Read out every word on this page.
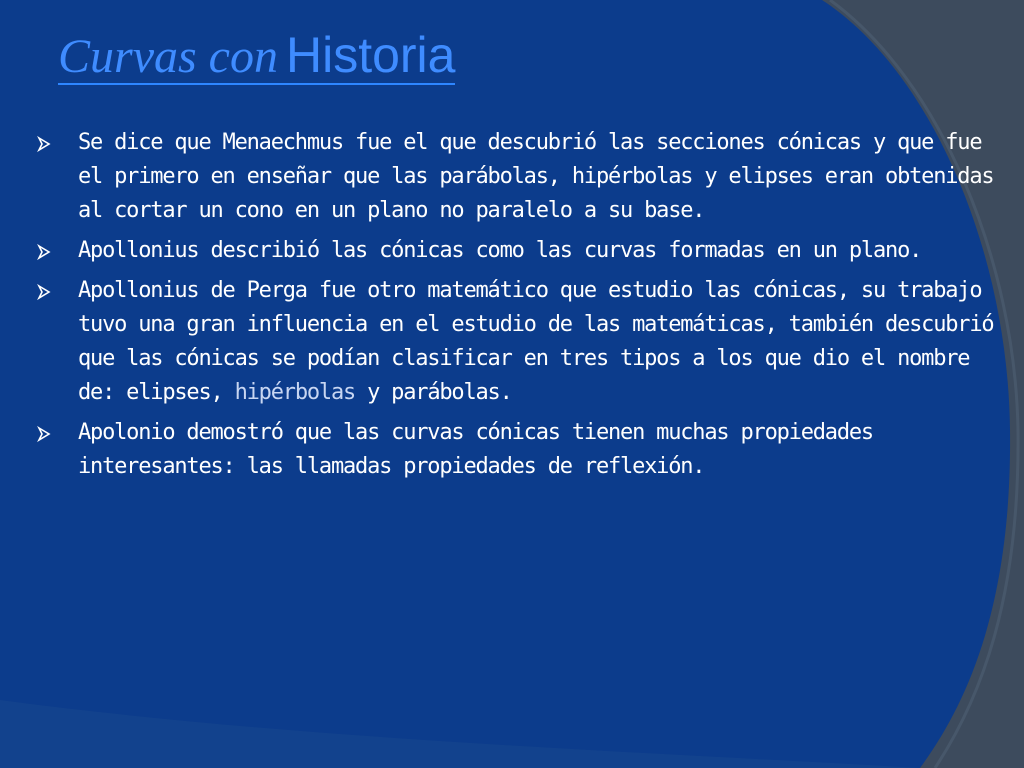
Curvas con Historia
Se dice que Menaechmus fue el que descubrió las secciones cónicas y que fue el primero en enseñar que las parábolas, hipérbolas y elipses eran obtenidas al cortar un cono en un plano no paralelo a su base.
Apollonius describió las cónicas como las curvas formadas en un plano.
Apollonius de Perga fue otro matemático que estudio las cónicas, su trabajo tuvo una gran influencia en el estudio de las matemáticas, también descubrió que las cónicas se podían clasificar en tres tipos a los que dio el nombre de: elipses, hipérbolas y parábolas.
Apolonio demostró que las curvas cónicas tienen muchas propiedades interesantes: las llamadas propiedades de reflexión.
